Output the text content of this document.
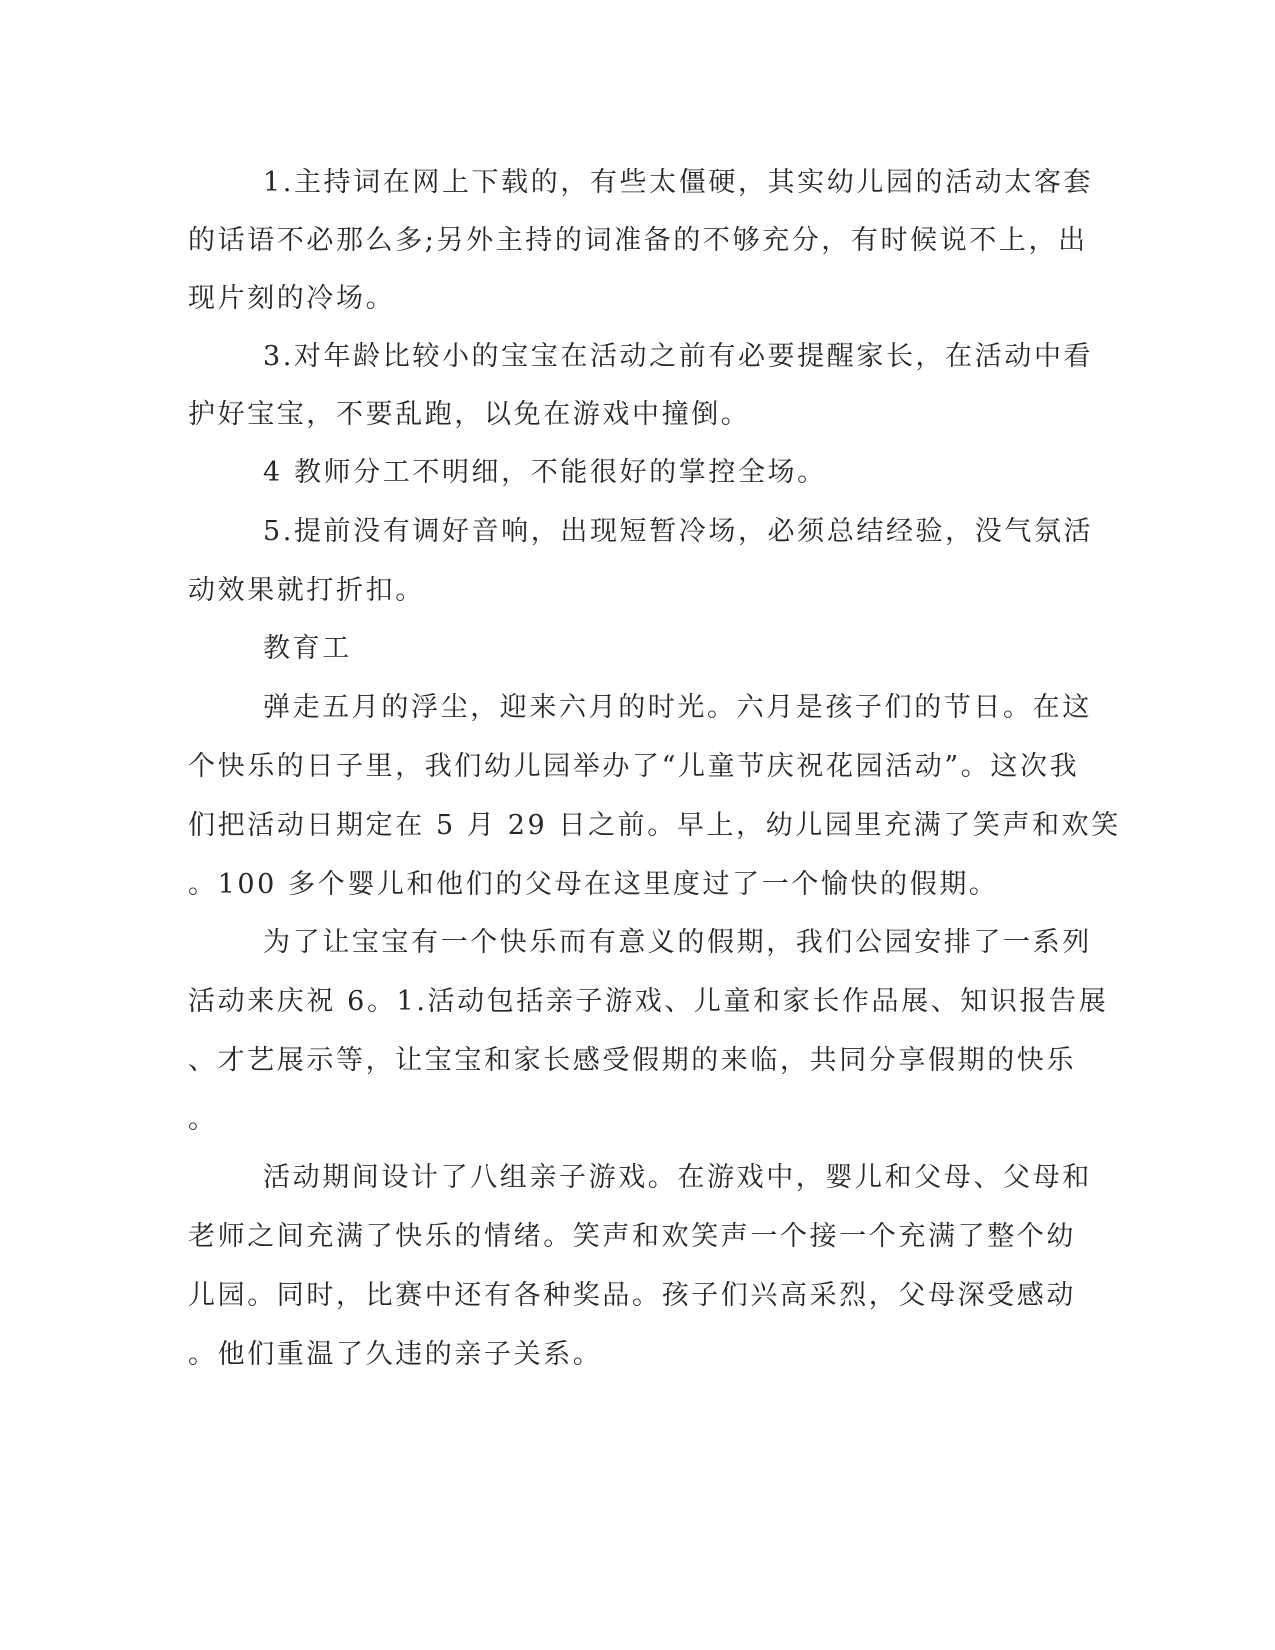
1.主持词在网上下载的，有些太僵硬，其实幼儿园的活动太客套
的话语不必那么多;另外主持的词准备的不够充分，有时候说不上，出
现片刻的冷场。
3.对年龄比较小的宝宝在活动之前有必要提醒家长，在活动中看
护好宝宝，不要乱跑，以免在游戏中撞倒。
4 教师分工不明细，不能很好的掌控全场。
5.提前没有调好音响，出现短暂冷场，必须总结经验，没气氛活
动效果就打折扣。
教育工
弹走五月的浮尘，迎来六月的时光。六月是孩子们的节日。在这
个快乐的日子里，我们幼儿园举办了“儿童节庆祝花园活动”。这次我
们把活动日期定在 5 月 29 日之前。早上，幼儿园里充满了笑声和欢笑
。100 多个婴儿和他们的父母在这里度过了一个愉快的假期。
为了让宝宝有一个快乐而有意义的假期，我们公园安排了一系列
活动来庆祝 6。1.活动包括亲子游戏、儿童和家长作品展、知识报告展
、才艺展示等，让宝宝和家长感受假期的来临，共同分享假期的快乐
。
活动期间设计了八组亲子游戏。在游戏中，婴儿和父母、父母和
老师之间充满了快乐的情绪。笑声和欢笑声一个接一个充满了整个幼
儿园。同时，比赛中还有各种奖品。孩子们兴高采烈，父母深受感动
。他们重温了久违的亲子关系。
